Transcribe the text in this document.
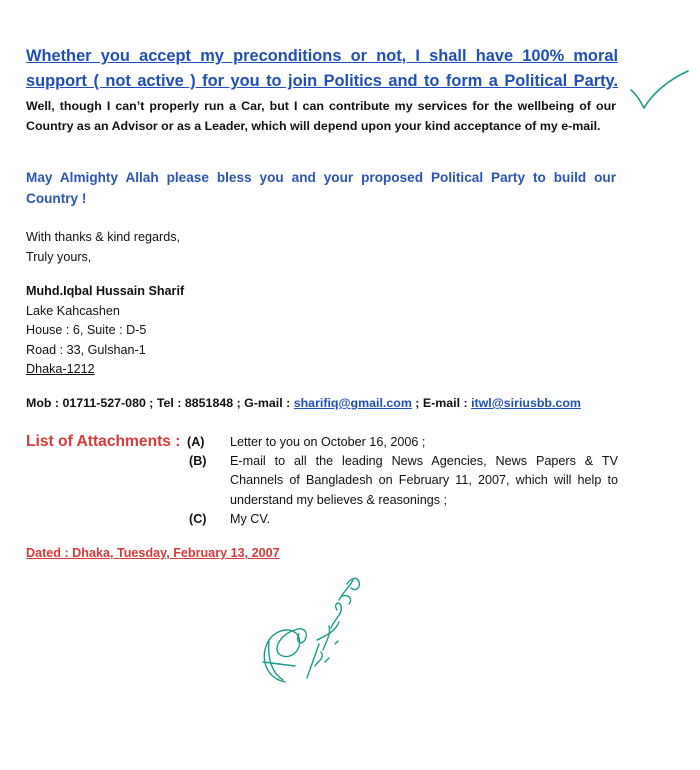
Whether you accept my preconditions or not, I shall have 100% moral
support ( not active ) for you to join Politics and to form a Political Party.

Well, though I can’t properly run a Car, but I can contribute my services for the wellbeing of our Country as an Advisor or as a Leader, which will depend upon your kind acceptance of my e-mail.

May Almighty Allah please bless you and your proposed Political Party to build our Country !

With thanks & kind regards,
Truly yours,
Muhd.Iqbal Hussain Sharif
Lake Kahcashen
House : 6, Suite : D-5
Road : 33, Gulshan-1
Dhaka-1212
Mob : 01711-527-080 ; Tel : 8851848 ; G-mail : sharifiq@gmail.com ; E-mail : itwl@siriusbb.com
List of Attachments : (A)	Letter to you on October 16, 2006 ;
(B)	E-mail to all the leading News Agencies, News Papers & TV Channels of Bangladesh on February 11, 2007, which will help to understand my believes & reasonings ;
(C)	My CV.
Dated : Dhaka, Tuesday, February 13, 2007
